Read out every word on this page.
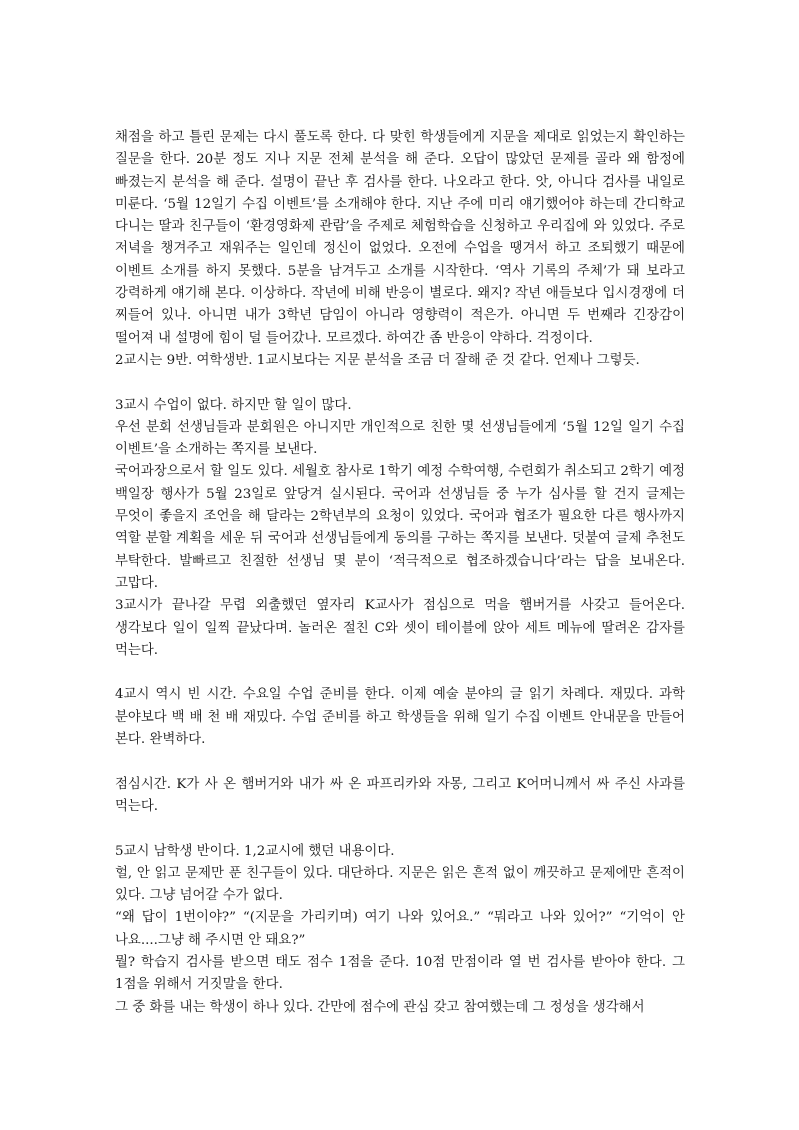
채점을 하고 틀린 문제는 다시 풀도록 한다. 다 맞힌 학생들에게 지문을 제대로 읽었는지 확인하는 질문을 한다. 20분 정도 지나 지문 전체 분석을 해 준다. 오답이 많았던 문제를 골라 왜 함정에 빠졌는지 분석을 해 준다. 설명이 끝난 후 검사를 한다. 나오라고 한다. 앗, 아니다 검사를 내일로 미룬다. ‘5월 12일기 수집 이벤트’를 소개해야 한다. 지난 주에 미리 얘기했어야 하는데 간디학교 다니는 딸과 친구들이 ‘환경영화제 관람’을 주제로 체험학습을 신청하고 우리집에 와 있었다. 주로 저녁을 챙겨주고 재워주는 일인데 정신이 없었다. 오전에 수업을 땡겨서 하고 조퇴했기 때문에 이벤트 소개를 하지 못했다. 5분을 남겨두고 소개를 시작한다. ‘역사 기록의 주체’가 돼 보라고 강력하게 얘기해 본다. 이상하다. 작년에 비해 반응이 별로다. 왜지? 작년 애들보다 입시경쟁에 더 찌들어 있나. 아니면 내가 3학년 담임이 아니라 영향력이 적은가. 아니면 두 번째라 긴장감이 떨어져 내 설명에 힘이 덜 들어갔나. 모르겠다. 하여간 좀 반응이 약하다. 걱정이다.

2교시는 9반. 여학생반. 1교시보다는 지문 분석을 조금 더 잘해 준 것 같다. 언제나 그렇듯.

3교시 수업이 없다. 하지만 할 일이 많다.

우선 분회 선생님들과 분회원은 아니지만 개인적으로 친한 몇 선생님들에게 ‘5월 12일 일기 수집 이벤트’을 소개하는 쪽지를 보낸다.

국어과장으로서 할 일도 있다. 세월호 참사로 1학기 예정 수학여행, 수련회가 취소되고 2학기 예정 백일장 행사가 5월 23일로 앞당겨 실시된다. 국어과 선생님들 중 누가 심사를 할 건지 글제는 무엇이 좋을지 조언을 해 달라는 2학년부의 요청이 있었다. 국어과 협조가 필요한 다른 행사까지 역할 분할 계획을 세운 뒤 국어과 선생님들에게 동의를 구하는 쪽지를 보낸다. 덧붙여 글제 추천도 부탁한다. 발빠르고 친절한 선생님 몇 분이 ‘적극적으로 협조하겠습니다’라는 답을 보내온다. 고맙다.

3교시가 끝나갈 무렵 외출했던 옆자리 K교사가 점심으로 먹을 햄버거를 사갖고 들어온다. 생각보다 일이 일찍 끝났다며. 놀러온 절친 C와 셋이 테이블에 앉아 세트 메뉴에 딸려온 감자를 먹는다.

4교시 역시 빈 시간. 수요일 수업 준비를 한다. 이제 예술 분야의 글 읽기 차례다. 재밌다. 과학 분야보다 백 배 천 배 재밌다. 수업 준비를 하고 학생들을 위해 일기 수집 이벤트 안내문을 만들어 본다. 완벽하다.

점심시간. K가 사 온 햄버거와 내가 싸 온 파프리카와 자몽, 그리고 K어머니께서 싸 주신 사과를 먹는다.

5교시 남학생 반이다. 1,2교시에 했던 내용이다.

헐, 안 읽고 문제만 푼 친구들이 있다. 대단하다. 지문은 읽은 흔적 없이 깨끗하고 문제에만 흔적이 있다. 그냥 넘어갈 수가 없다.

“왜 답이 1번이야?” “(지문을 가리키며) 여기 나와 있어요.” “뭐라고 나와 있어?” “기억이 안 나요....그냥 해 주시면 안 돼요?”

뭘? 학습지 검사를 받으면 태도 점수 1점을 준다. 10점 만점이라 열 번 검사를 받아야 한다. 그 1점을 위해서 거짓말을 한다.

그 중 화를 내는 학생이 하나 있다. 간만에 점수에 관심 갖고 참여했는데 그 정성을 생각해서
